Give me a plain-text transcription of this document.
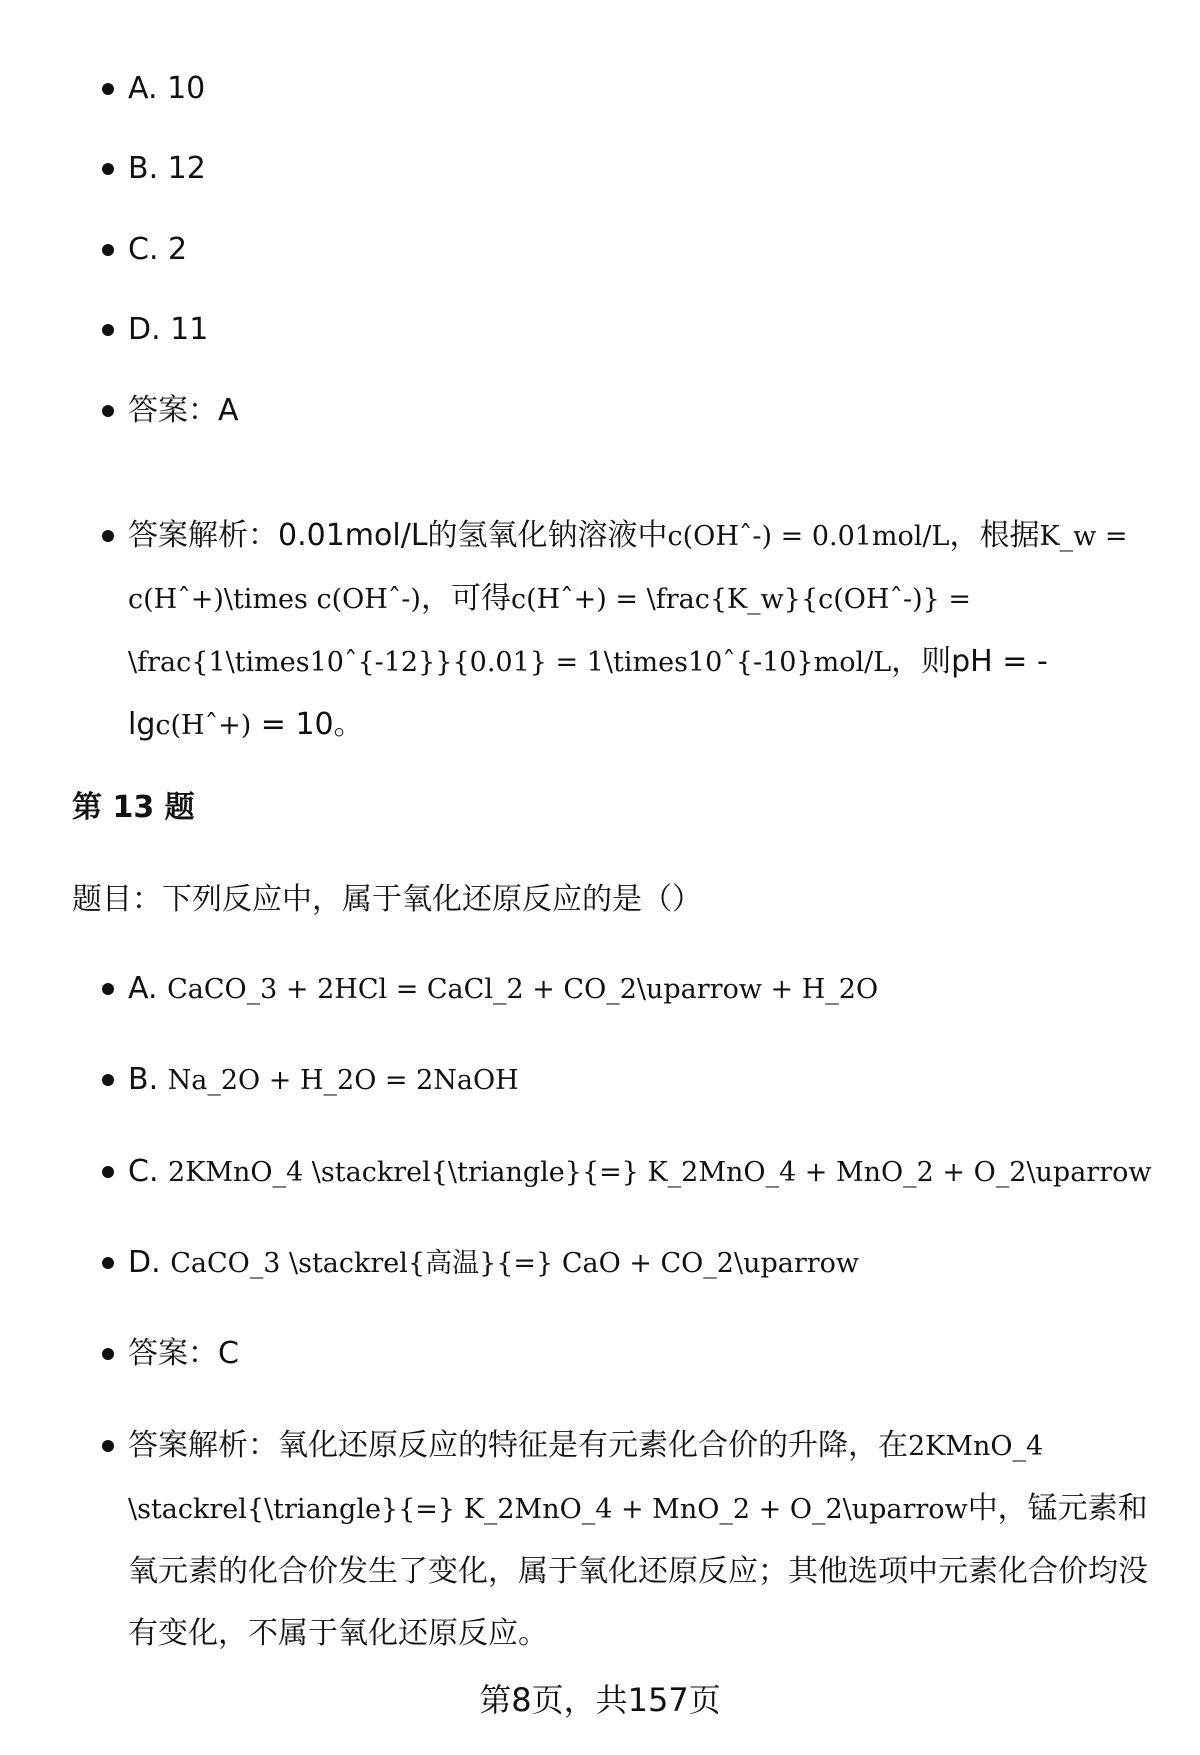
A. 10
B. 12
C. 2
D. 11
答案：A
答案解析：0.01mol/L的氢氧化钠溶液中c(OHˆ-) = 0.01mol/L，根据K_w = c(Hˆ+)\times c(OHˆ-)，可得c(Hˆ+) = \frac{K_w}{c(OHˆ-)} = \frac{1\times10ˆ{-12}}{0.01} = 1\times10ˆ{-10}mol/L，则pH = -lgc(Hˆ+) = 10。
第 13 题
题目：下列反应中，属于氧化还原反应的是（）
A. CaCO_3 + 2HCl = CaCl_2 + CO_2\uparrow + H_2O
B. Na_2O + H_2O = 2NaOH
C. 2KMnO_4 \stackrel{\triangle}{=} K_2MnO_4 + MnO_2 + O_2\uparrow
D. CaCO_3 \stackrel{高温}{=} CaO + CO_2\uparrow
答案：C
答案解析：氧化还原反应的特征是有元素化合价的升降，在2KMnO_4 \stackrel{\triangle}{=} K_2MnO_4 + MnO_2 + O_2\uparrow中，锰元素和氧元素的化合价发生了变化，属于氧化还原反应；其他选项中元素化合价均没有变化，不属于氧化还原反应。
第8页，共157页
